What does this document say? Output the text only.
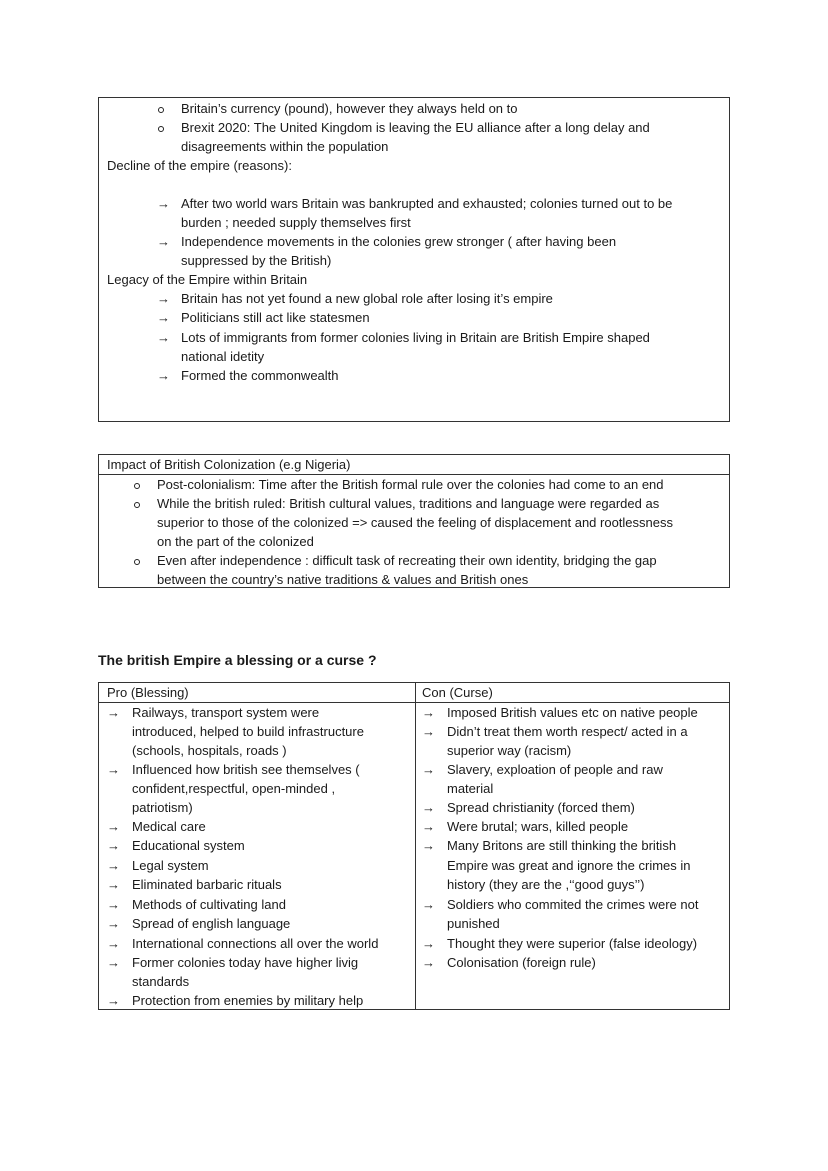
Britain’s currency (pound), however they always held on to
Brexit 2020: The United Kingdom is leaving the EU alliance after a long delay and
disagreements within the population
Decline of the empire (reasons):
→ After two world wars Britain was bankrupted and exhausted; colonies turned out to be
burden ; needed supply themselves first
→ Independence movements in the colonies grew stronger ( after having been
suppressed by the British)
Legacy of the Empire within Britain
→ Britain has not yet found a new global role after losing it’s empire
→ Politicians still act like statesmen
→ Lots of immigrants from former colonies living in Britain are British Empire shaped
national idetity
→ Formed the commonwealth
Impact of British Colonization (e.g Nigeria)
Post-colonialism: Time after the British formal rule over the colonies had come to an end
While the british ruled: British cultural values, traditions and language were regarded as
superior to those of the colonized => caused the feeling of displacement and rootlessness
on the part of the colonized
Even after independence : difficult task of recreating their own identity, bridging the gap
between the country’s native traditions & values and British ones
The british Empire a blessing or a curse ?
Pro (Blessing)	Con (Curse)
→ Railways, transport system were
introduced, helped to build infrastructure
(schools, hospitals, roads )
→ Influenced how british see themselves (
confident,respectful, open-minded ,
patriotism)
→ Medical care
→ Educational system
→ Legal system
→ Eliminated barbaric rituals
→ Methods of cultivating land
→ Spread of english language
→ International connections all over the world
→ Former colonies today have higher livig
standards
→ Protection from enemies by military help
→ Imposed British values etc on native people
→ Didn’t treat them worth respect/ acted in a
superior way (racism)
→ Slavery, exploation of people and raw
material
→ Spread christianity (forced them)
→ Were brutal; wars, killed people
→ Many Britons are still thinking the british
Empire was great and ignore the crimes in
history (they are the ,‘‘good guys’’)
→ Soldiers who commited the crimes were not
punished
→ Thought they were superior (false ideology)
→ Colonisation (foreign rule)
